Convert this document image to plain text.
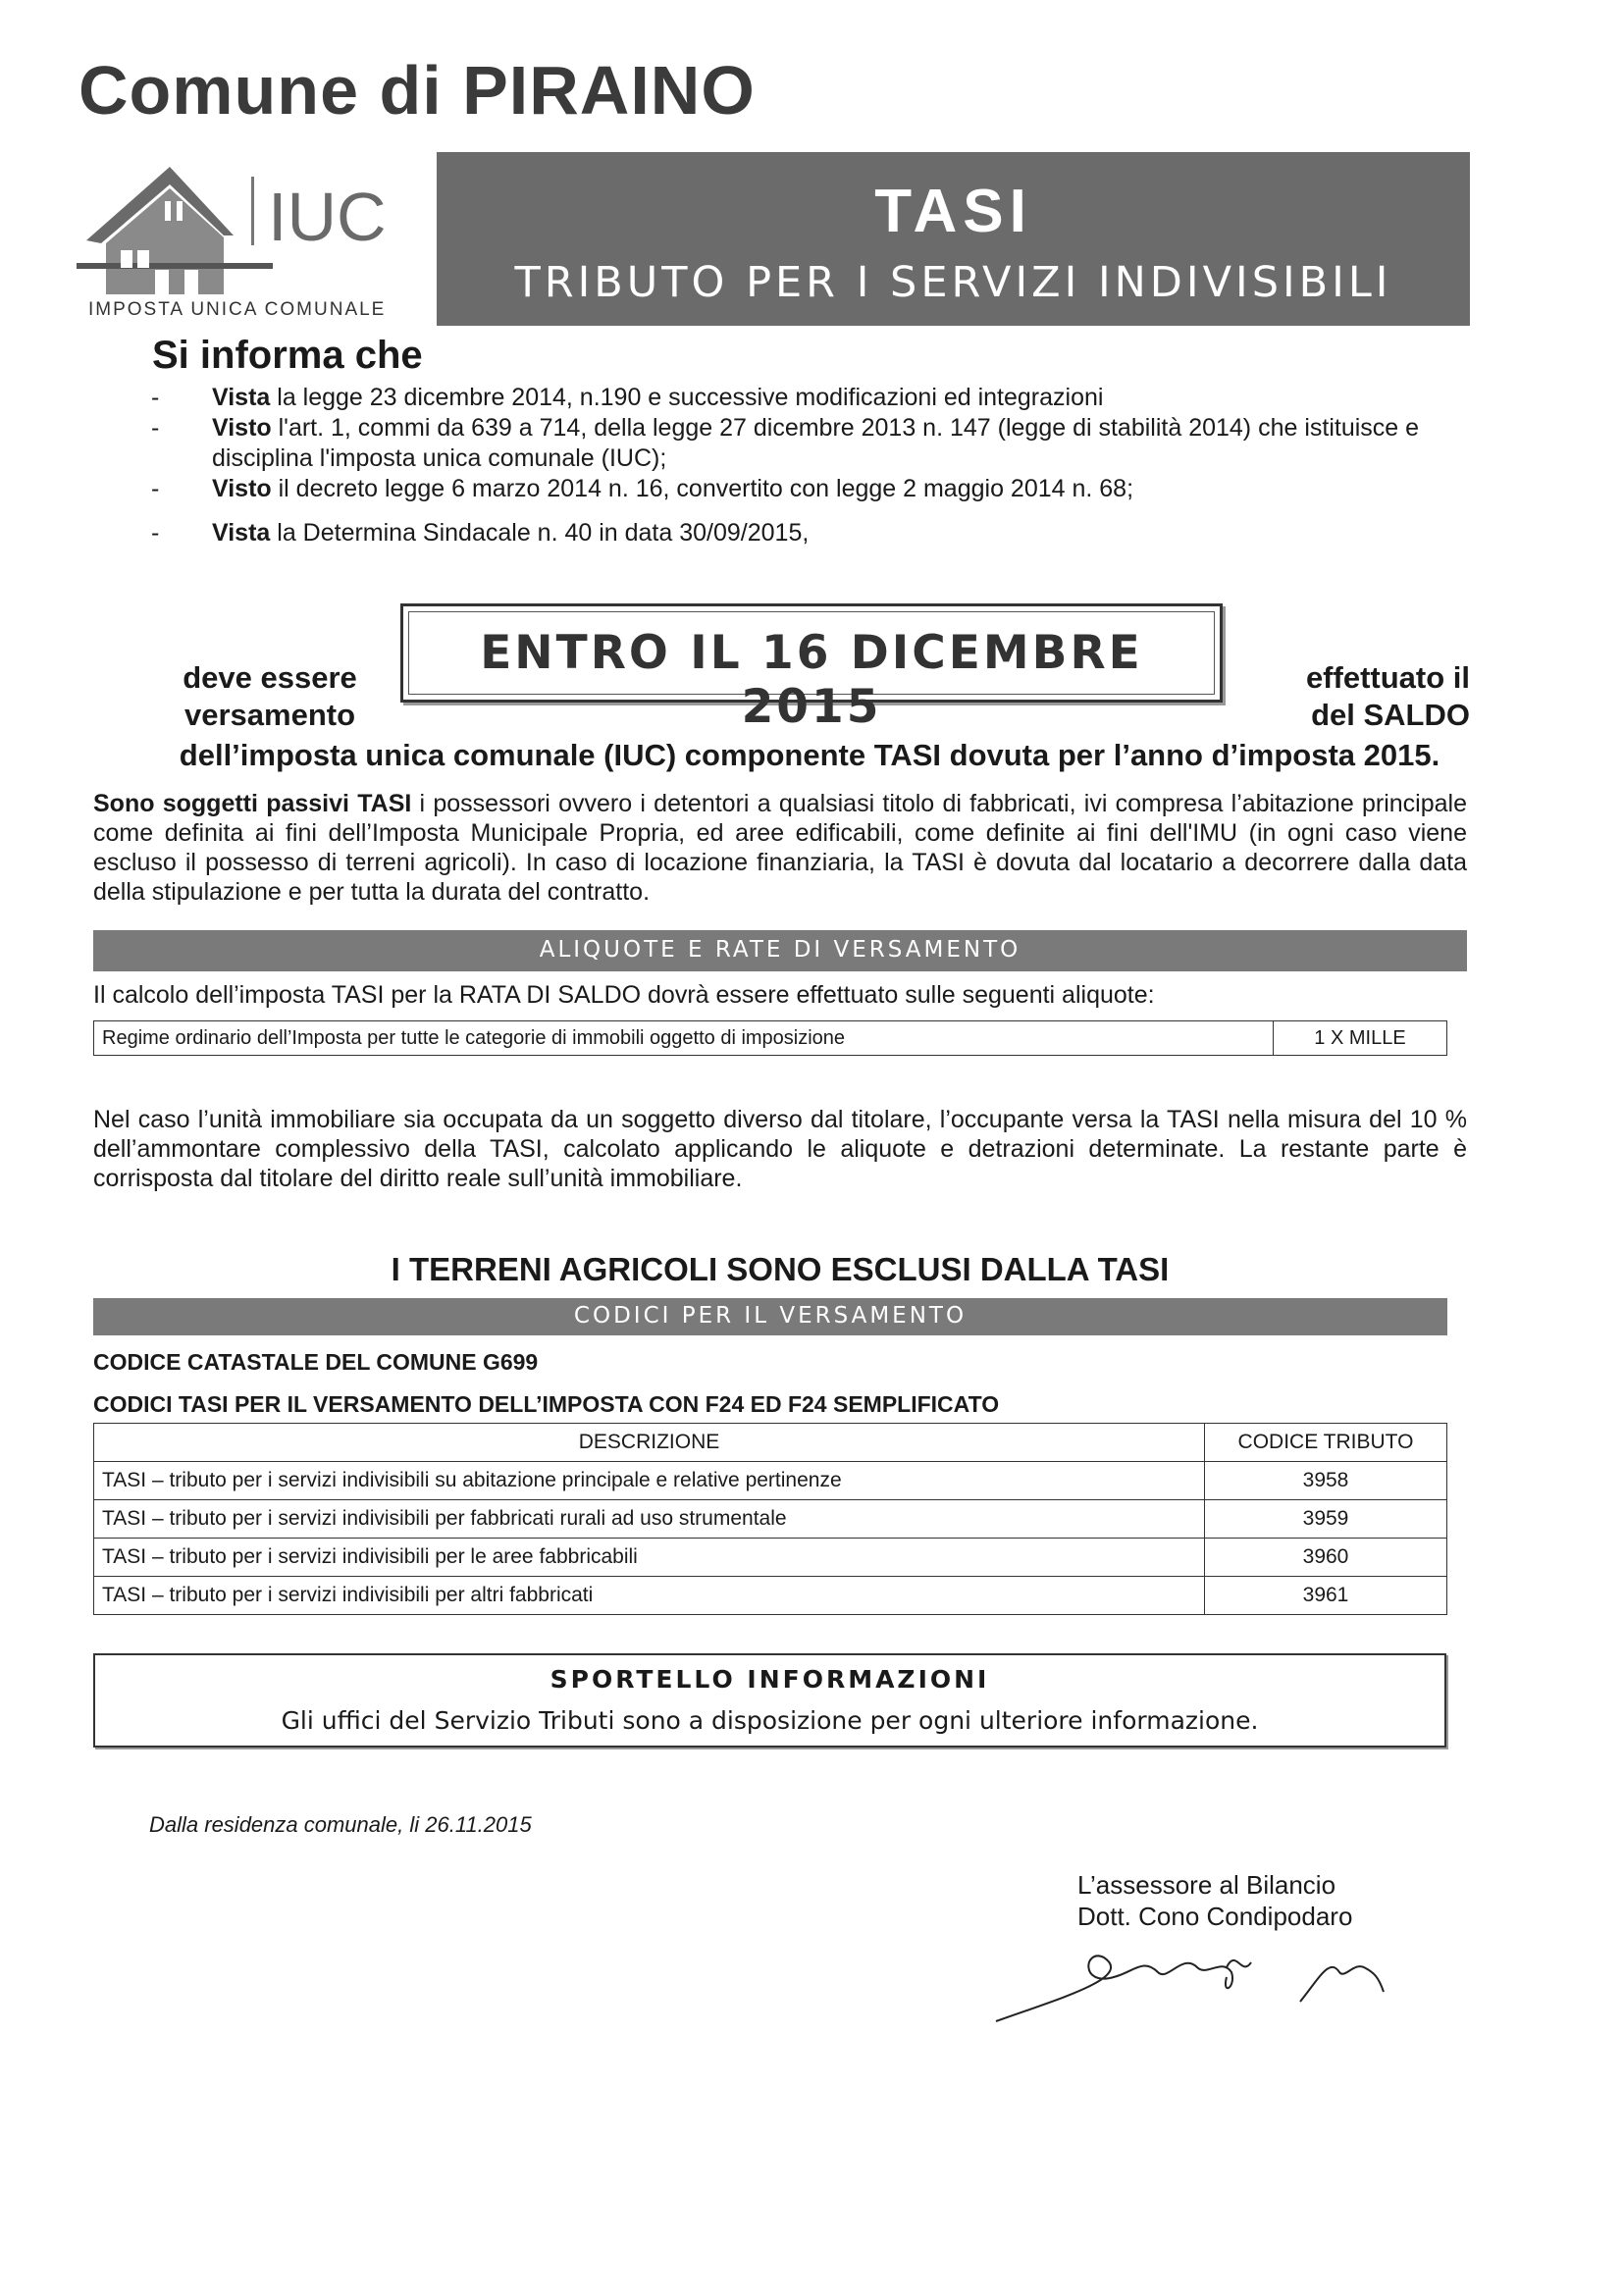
Comune di PIRAINO
IUC
IMPOSTA UNICA COMUNALE
TASI
TRIBUTO PER I SERVIZI INDIVISIBILI
Si informa che
- Vista la legge 23 dicembre 2014, n.190 e successive modificazioni ed integrazioni
- Visto l'art. 1, commi da 639 a 714, della legge 27 dicembre 2013 n. 147 (legge di stabilità 2014) che istituisce e disciplina l'imposta unica comunale (IUC);
- Visto il decreto legge 6 marzo 2014 n. 16, convertito con legge 2 maggio 2014 n. 68;
- Vista la Determina Sindacale n. 40 in data 30/09/2015,
ENTRO IL 16 DICEMBRE 2015
deve essere
versamento
effettuato il
del SALDO
dell’imposta unica comunale (IUC) componente TASI dovuta per l’anno d’imposta 2015.
Sono soggetti passivi TASI i possessori ovvero i detentori a qualsiasi titolo di fabbricati, ivi compresa l’abitazione principale come definita ai fini dell’Imposta Municipale Propria, ed aree edificabili, come definite ai fini dell'IMU (in ogni caso viene escluso il possesso di terreni agricoli). In caso di locazione finanziaria, la TASI è dovuta dal locatario a decorrere dalla data della stipulazione e per tutta la durata del contratto.
ALIQUOTE E RATE DI VERSAMENTO
Il calcolo dell’imposta TASI per la RATA DI SALDO dovrà essere effettuato sulle seguenti aliquote:
Regime ordinario dell’Imposta per tutte le categorie di immobili oggetto di imposizione	1 X MILLE
Nel caso l’unità immobiliare sia occupata da un soggetto diverso dal titolare, l’occupante versa la TASI nella misura del 10 % dell’ammontare complessivo della TASI, calcolato applicando le aliquote e detrazioni determinate. La restante parte è corrisposta dal titolare del diritto reale sull’unità immobiliare.
I TERRENI AGRICOLI SONO ESCLUSI DALLA TASI
CODICI PER IL VERSAMENTO
CODICE CATASTALE DEL COMUNE G699
CODICI TASI PER IL VERSAMENTO DELL’IMPOSTA CON F24 ED F24 SEMPLIFICATO
DESCRIZIONE	CODICE TRIBUTO
TASI – tributo per i servizi indivisibili su abitazione principale e relative pertinenze	3958
TASI – tributo per i servizi indivisibili per fabbricati rurali ad uso strumentale	3959
TASI – tributo per i servizi indivisibili per le aree fabbricabili	3960
TASI – tributo per i servizi indivisibili per altri fabbricati	3961
SPORTELLO INFORMAZIONI
Gli uffici del Servizio Tributi sono a disposizione per ogni ulteriore informazione.
Dalla residenza comunale, li 26.11.2015
L’assessore al Bilancio
Dott. Cono Condipodaro
